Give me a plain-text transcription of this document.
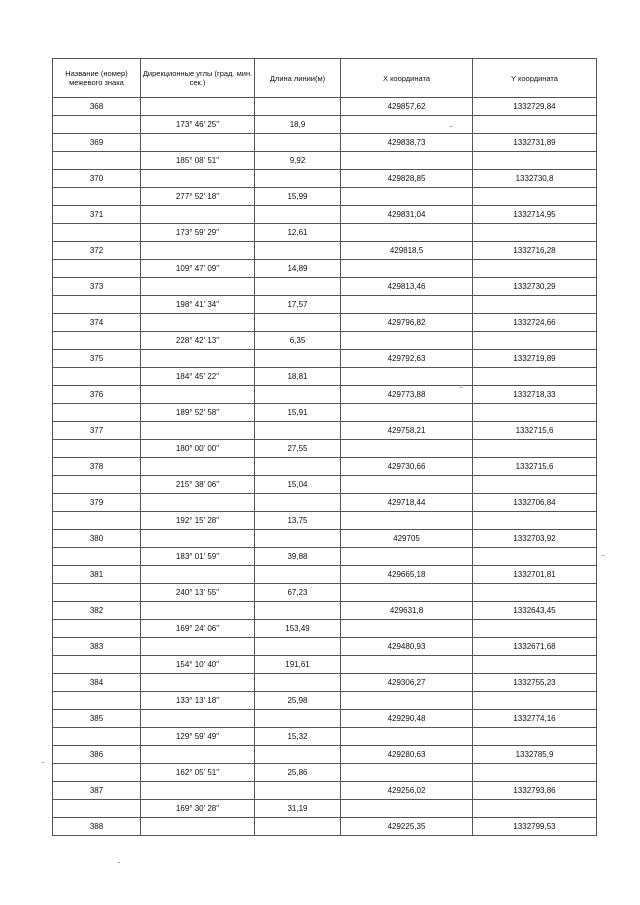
Название (номер) межевого знака	Дирекционные углы (град. мин. сек.)	Длина линии(м)	X координата	Y координата
368			429857,62	1332729,84
	173° 46' 25"	18,9		
369			429838,73	1332731,89
	185° 08' 51"	9,92		
370			429828,85	1332730,8
	277° 52' 18"	15,99		
371			429831,04	1332714,95
	173° 59' 29"	12,61		
372			429818,5	1332716,28
	109° 47' 09"	14,89		
373			429813,46	1332730,29
	198° 41' 34"	17,57		
374			429796,82	1332724,66
	228° 42' 13"	6,35		
375			429792,63	1332719,89
	184° 45' 22"	18,81		
376			429773,88	1332718,33
	189° 52' 58"	15,91		
377			429758,21	1332715,6
	180° 00' 00"	27,55		
378			429730,66	1332715,6
	215° 38' 06"	15,04		
379			429718,44	1332706,84
	192° 15' 28"	13,75		
380			429705	1332703,92
	183° 01' 59"	39,88		
381			429665,18	1332701,81
	240° 13' 55"	67,23		
382			429631,8	1332643,45
	169° 24' 06"	153,49		
383			429480,93	1332671,68
	154° 10' 40"	191,61		
384			429306,27	1332755,23
	133° 13' 18"	25,98		
385			429290,48	1332774,16
	129° 59' 49"	15,32		
386			429280,63	1332785,9
	162° 05' 51"	25,86		
387			429256,02	1332793,86
	169° 30' 28"	31,19		
388			429225,35	1332799,53
